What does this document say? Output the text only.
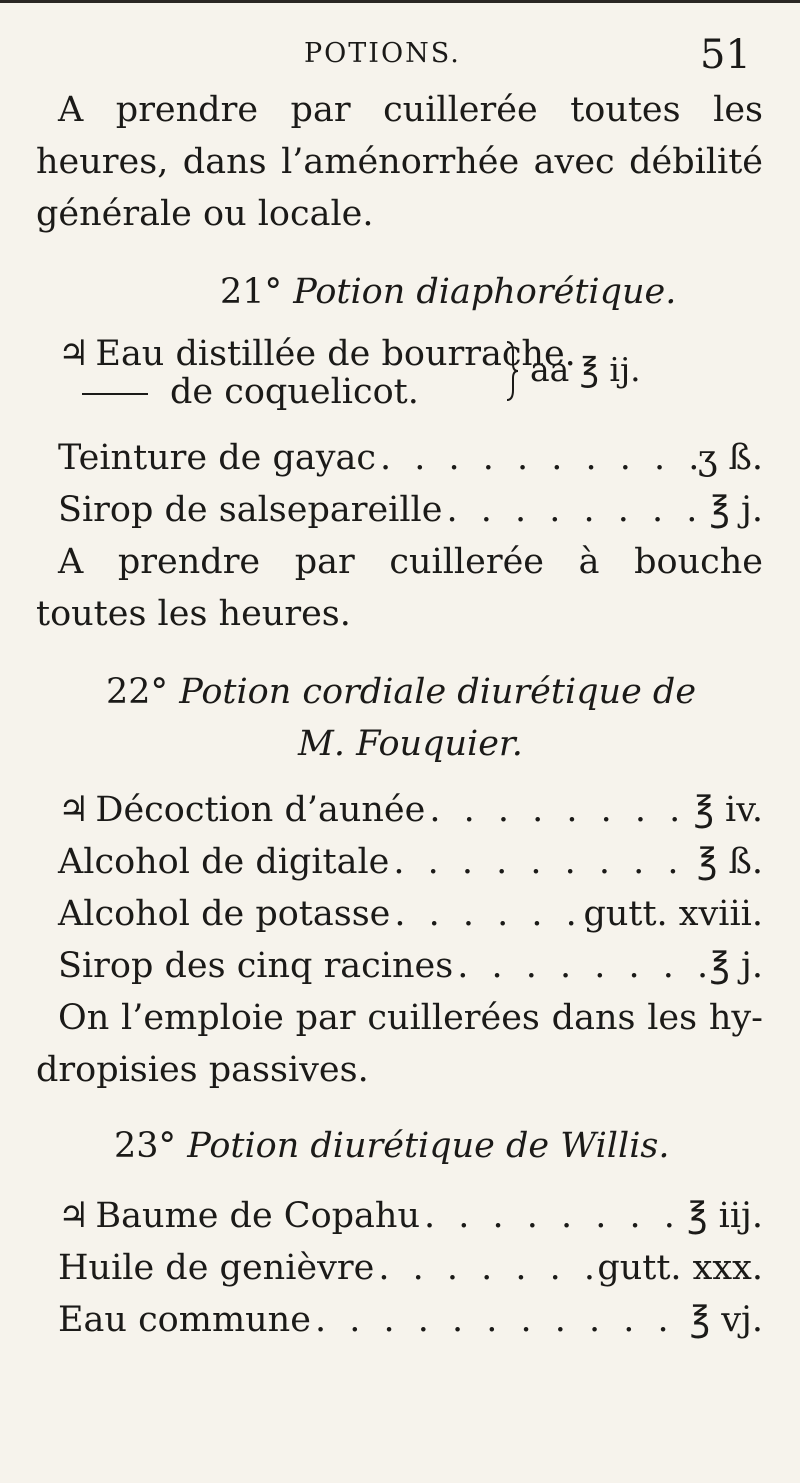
POTIONS.	51
A prendre par cuillerée toutes les
heures, dans l’aménorrhée avec débilité
générale ou locale.
21° Potion diaphorétique.
♃ Eau distillée de bourrache.
de coquelicot.
aa ℥ ij.
Teinture de gayac . . .	ʒ ß.
Sirop de salsepareille . . .	℥ j.
A prendre par cuillerée à bouche
toutes les heures.
22° Potion cordiale diurétique de
M. Fouquier.
♃ Décoction d’aunée . . .	℥ iv.
Alcohol de digitale . . .	℥ ß.
Alcohol de potasse . . .	gutt. xviii.
Sirop des cinq racines . . .	℥ j.
On l’emploie par cuillerées dans les hy-
dropisies passives.
23° Potion diurétique de Willis.
♃ Baume de Copahu . . .	℥ iij.
Huile de genièvre . . .	gutt. xxx.
Eau commune . . .	℥ vj.
